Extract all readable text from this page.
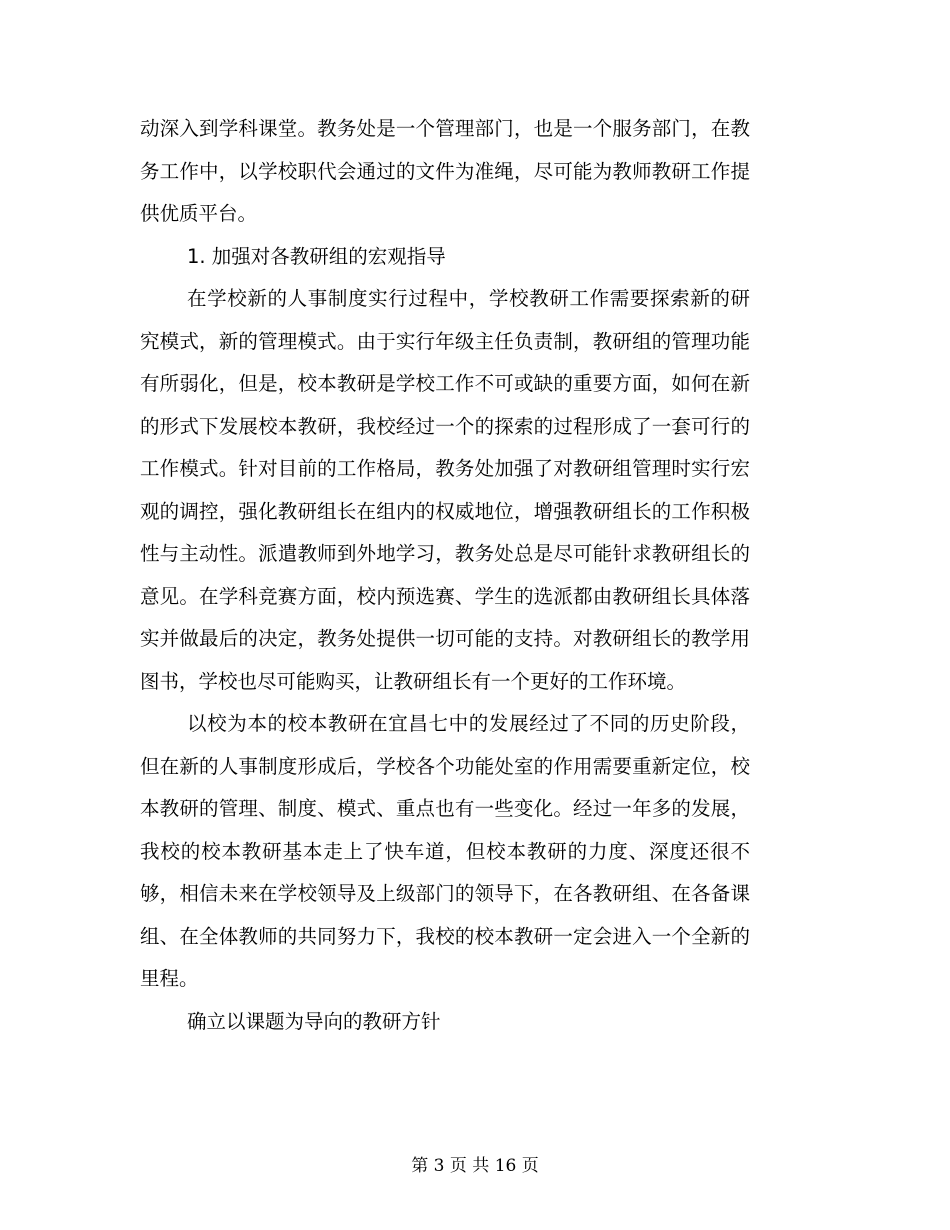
动深入到学科课堂。教务处是一个管理部门，也是一个服务部门，在教务工作中，以学校职代会通过的文件为准绳，尽可能为教师教研工作提供优质平台。

1. 加强对各教研组的宏观指导

在学校新的人事制度实行过程中，学校教研工作需要探索新的研究模式，新的管理模式。由于实行年级主任负责制，教研组的管理功能有所弱化，但是，校本教研是学校工作不可或缺的重要方面，如何在新的形式下发展校本教研，我校经过一个的探索的过程形成了一套可行的工作模式。针对目前的工作格局，教务处加强了对教研组管理时实行宏观的调控，强化教研组长在组内的权威地位，增强教研组长的工作积极性与主动性。派遣教师到外地学习，教务处总是尽可能针求教研组长的意见。在学科竞赛方面，校内预选赛、学生的选派都由教研组长具体落实并做最后的决定，教务处提供一切可能的支持。对教研组长的教学用图书，学校也尽可能购买，让教研组长有一个更好的工作环境。

以校为本的校本教研在宜昌七中的发展经过了不同的历史阶段，但在新的人事制度形成后，学校各个功能处室的作用需要重新定位，校本教研的管理、制度、模式、重点也有一些变化。经过一年多的发展，我校的校本教研基本走上了快车道，但校本教研的力度、深度还很不够，相信未来在学校领导及上级部门的领导下，在各教研组、在各备课组、在全体教师的共同努力下，我校的校本教研一定会进入一个全新的里程。

确立以课题为导向的教研方针

第 3 页 共 16 页
